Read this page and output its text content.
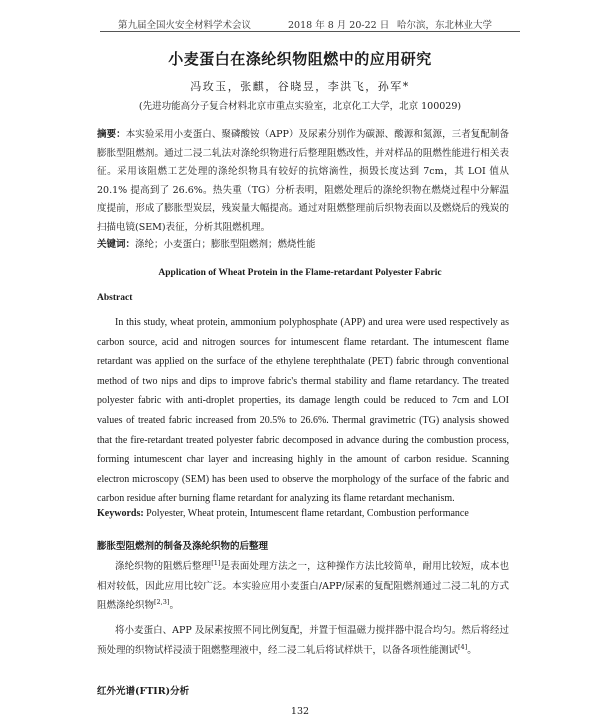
第九届全国火安全材料学术会议	2018 年 8 月 20-22 日 哈尔滨，东北林业大学
小麦蛋白在涤纶织物阻燃中的应用研究
冯玫玉，张麒，谷晓昱，李洪飞，孙军*
(先进功能高分子复合材料北京市重点实验室，北京化工大学，北京 100029)
摘要：本实验采用小麦蛋白、聚磷酸铵（APP）及尿素分别作为碳源、酸源和氮源，三者复配制备膨胀型阻燃剂。通过二浸二轧法对涤纶织物进行后整理阻燃改性，并对样品的阻燃性能进行相关表征。采用该阻燃工艺处理的涤纶织物具有较好的抗熔滴性，损毁长度达到 7cm，其 LOI 值从 20.1% 提高到了 26.6%。热失重（TG）分析表明，阻燃处理后的涤纶织物在燃烧过程中分解温度提前，形成了膨胀型炭层，残炭量大幅提高。通过对阻燃整理前后织物表面以及燃烧后的残炭的扫描电镜(SEM)表征，分析其阻燃机理。
关键词：涤纶；小麦蛋白；膨胀型阻燃剂；燃烧性能
Application of Wheat Protein in the Flame-retardant Polyester Fabric
Abstract
In this study, wheat protein, ammonium polyphosphate (APP) and urea were used respectively as carbon source, acid and nitrogen sources for intumescent flame retardant. The intumescent flame retardant was applied on the surface of the ethylene terephthalate (PET) fabric through conventional method of two nips and dips to improve fabric's thermal stability and flame retardancy. The treated polyester fabric with anti-droplet properties, its damage length could be reduced to 7cm and LOI values of treated fabric increased from 20.5% to 26.6%. Thermal gravimetric (TG) analysis showed that the fire-retardant treated polyester fabric decomposed in advance during the combustion process, forming intumescent char layer and increasing highly in the amount of carbon residue. Scanning electron microscopy (SEM) has been used to observe the morphology of the surface of the fabric and carbon residue after burning flame retardant for analyzing its flame retardant mechanism.
Keywords: Polyester, Wheat protein, Intumescent flame retardant, Combustion performance
膨胀型阻燃剂的制备及涤纶织物的后整理
涤纶织物的阻燃后整理[1]是表面处理方法之一，这种操作方法比较简单，耐用比较短，成本也相对较低，因此应用比较广泛。本实验应用小麦蛋白/APP/尿素的复配阻燃剂通过二浸二轧的方式阻燃涤纶织物[2,3]。
将小麦蛋白、APP 及尿素按照不同比例复配，并置于恒温磁力搅拌器中混合均匀。然后将经过预处理的织物试样浸渍于阻燃整理液中，经二浸二轧后将试样烘干，以备各项性能测试[4]。
红外光谱(FTIR)分析
132
